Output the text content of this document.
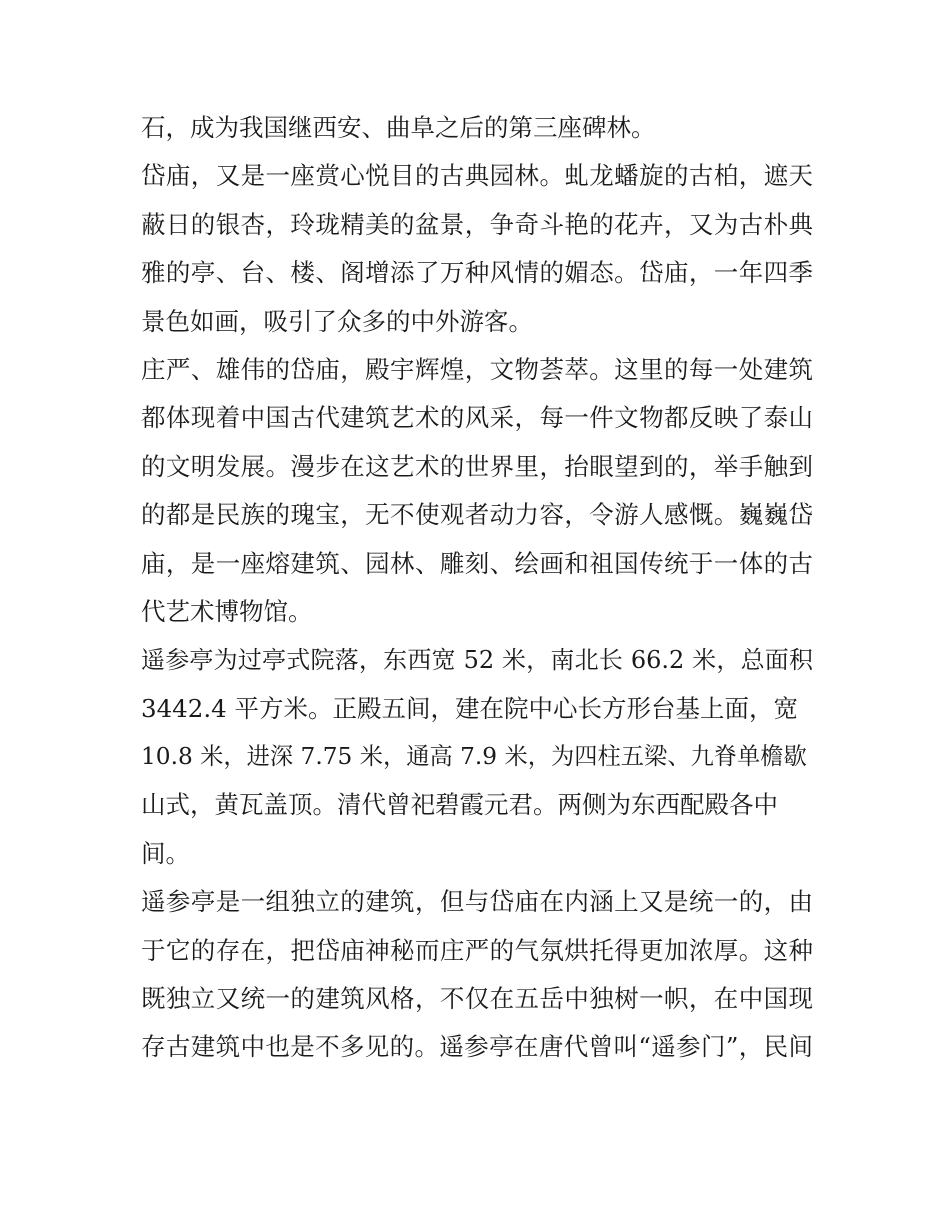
石，成为我国继西安、曲阜之后的第三座碑林。
岱庙，又是一座赏心悦目的古典园林。虬龙蟠旋的古柏，遮天
蔽日的银杏，玲珑精美的盆景，争奇斗艳的花卉，又为古朴典
雅的亭、台、楼、阁增添了万种风情的媚态。岱庙，一年四季
景色如画，吸引了众多的中外游客。
庄严、雄伟的岱庙，殿宇辉煌，文物荟萃。这里的每一处建筑
都体现着中国古代建筑艺术的风采，每一件文物都反映了泰山
的文明发展。漫步在这艺术的世界里，抬眼望到的，举手触到
的都是民族的瑰宝，无不使观者动力容，令游人感慨。巍巍岱
庙，是一座熔建筑、园林、雕刻、绘画和祖国传统于一体的古
代艺术博物馆。
遥参亭为过亭式院落，东西宽 52 米，南北长 66.2 米，总面积
3442.4 平方米。正殿五间，建在院中心长方形台基上面，宽
10.8 米，进深 7.75 米，通高 7.9 米，为四柱五梁、九脊单檐歇
山式，黄瓦盖顶。清代曾祀碧霞元君。两侧为东西配殿各中
间。
遥参亭是一组独立的建筑，但与岱庙在内涵上又是统一的，由
于它的存在，把岱庙神秘而庄严的气氛烘托得更加浓厚。这种
既独立又统一的建筑风格，不仅在五岳中独树一帜，在中国现
存古建筑中也是不多见的。遥参亭在唐代曾叫“遥参门”，民间
